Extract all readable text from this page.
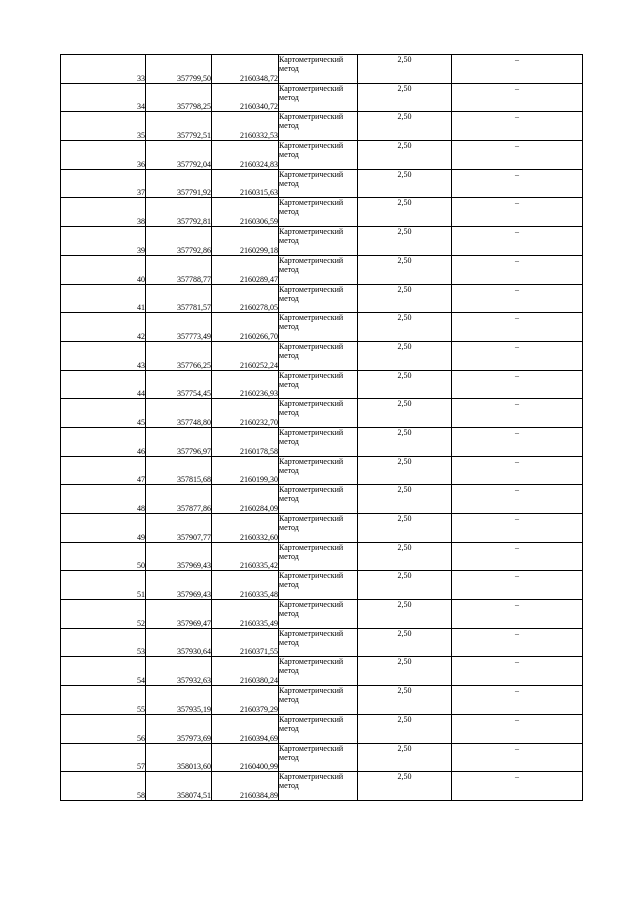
33	357799,50	2160348,72	Картометрический метод	2,50	–
34	357798,25	2160340,72	Картометрический метод	2,50	–
35	357792,51	2160332,53	Картометрический метод	2,50	–
36	357792,04	2160324,83	Картометрический метод	2,50	–
37	357791,92	2160315,63	Картометрический метод	2,50	–
38	357792,81	2160306,59	Картометрический метод	2,50	–
39	357792,86	2160299,18	Картометрический метод	2,50	–
40	357788,77	2160289,47	Картометрический метод	2,50	–
41	357781,57	2160278,05	Картометрический метод	2,50	–
42	357773,49	2160266,70	Картометрический метод	2,50	–
43	357766,25	2160252,24	Картометрический метод	2,50	–
44	357754,45	2160236,93	Картометрический метод	2,50	–
45	357748,80	2160232,70	Картометрический метод	2,50	–
46	357796,97	2160178,58	Картометрический метод	2,50	–
47	357815,68	2160199,30	Картометрический метод	2,50	–
48	357877,86	2160284,09	Картометрический метод	2,50	–
49	357907,77	2160332,60	Картометрический метод	2,50	–
50	357969,43	2160335,42	Картометрический метод	2,50	–
51	357969,43	2160335,48	Картометрический метод	2,50	–
52	357969,47	2160335,49	Картометрический метод	2,50	–
53	357930,64	2160371,55	Картометрический метод	2,50	–
54	357932,63	2160380,24	Картометрический метод	2,50	–
55	357935,19	2160379,29	Картометрический метод	2,50	–
56	357973,69	2160394,69	Картометрический метод	2,50	–
57	358013,60	2160400,99	Картометрический метод	2,50	–
58	358074,51	2160384,89	Картометрический метод	2,50	–
